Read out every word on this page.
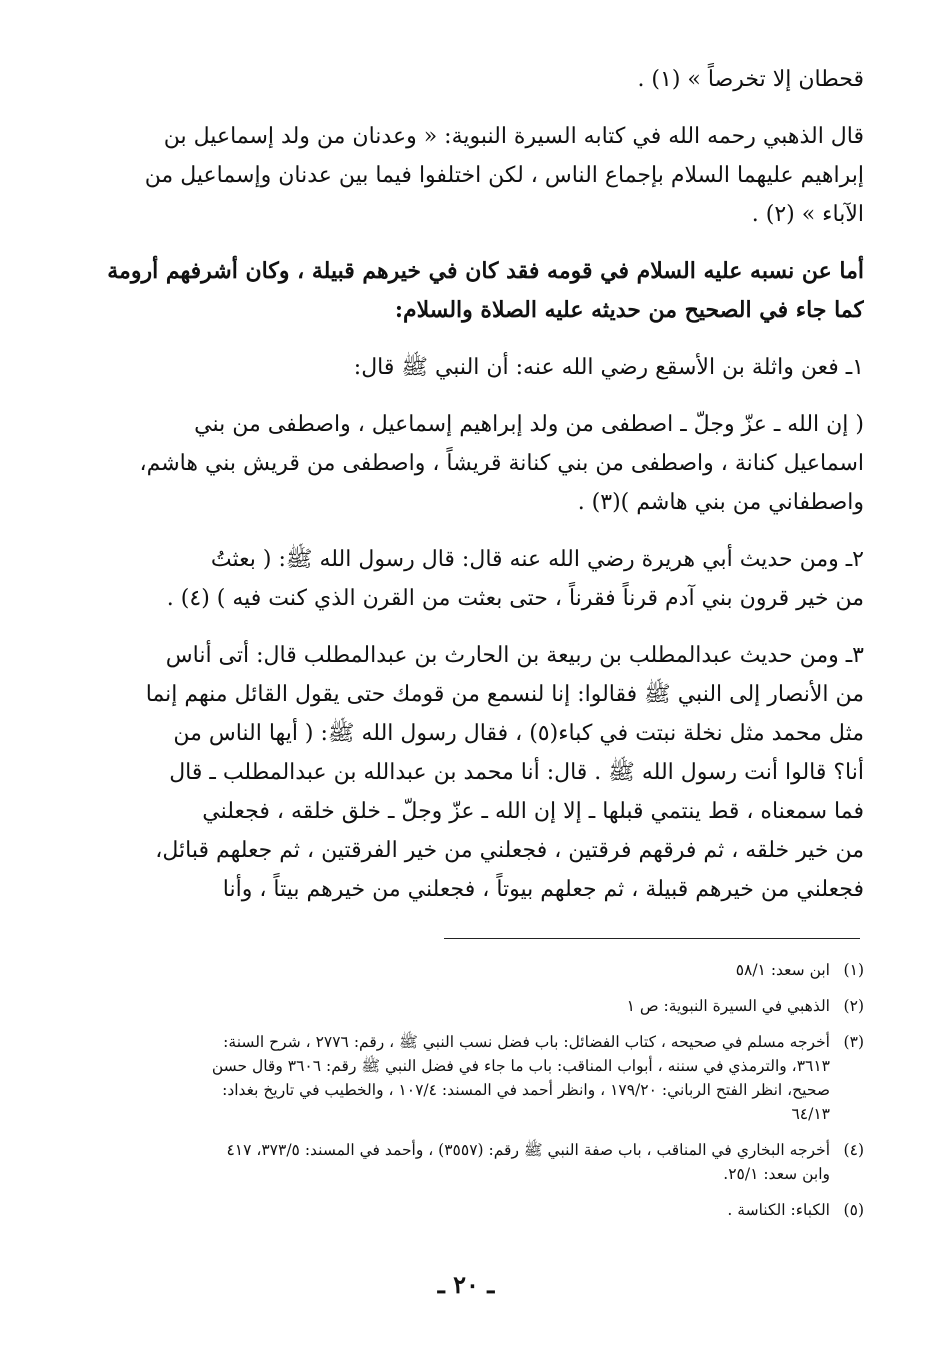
قحطان إلا تخرصاً » (١) .

قال الذهبي رحمه الله في كتابه السيرة النبوية: « وعدنان من ولد إسماعيل بن
إبراهيم عليهما السلام بإجماع الناس ، لكن اختلفوا فيما بين عدنان وإسماعيل من
الآباء » (٢) .

أما عن نسبه عليه السلام في قومه فقد كان في خيرهم قبيلة ، وكان أشرفهم أرومة
كما جاء في الصحيح من حديثه عليه الصلاة والسلام:

١ـ فعن واثلة بن الأسقع رضي الله عنه: أن النبي ﷺ قال:

( إن الله ـ عزّ وجلّ ـ اصطفى من ولد إبراهيم إسماعيل ، واصطفى من بني
اسماعيل كنانة ، واصطفى من بني كنانة قريشاً ، واصطفى من قريش بني هاشم،
واصطفاني من بني هاشم )(٣) .

٢ـ ومن حديث أبي هريرة رضي الله عنه قال: قال رسول الله ﷺ: ( بعثتُ
من خير قرون بني آدم قرناً فقرناً ، حتى بعثت من القرن الذي كنت فيه ) (٤) .

٣ـ ومن حديث عبدالمطلب بن ربيعة بن الحارث بن عبدالمطلب قال: أتى أناس
من الأنصار إلى النبي ﷺ فقالوا: إنا لنسمع من قومك حتى يقول القائل منهم إنما
مثل محمد مثل نخلة نبتت في كباء(٥) ، فقال رسول الله ﷺ: ( أيها الناس من
أنا؟ قالوا أنت رسول الله ﷺ . قال: أنا محمد بن عبدالله بن عبدالمطلب ـ قال
فما سمعناه ، قط ينتمي قبلها ـ إلا إن الله ـ عزّ وجلّ ـ خلق خلقه ، فجعلني
من خير خلقه ، ثم فرقهم فرقتين ، فجعلني من خير الفرقتين ، ثم جعلهم قبائل،
فجعلني من خيرهم قبيلة ، ثم جعلهم بيوتاً ، فجعلني من خيرهم بيتاً ، وأنا

(١)
ابن سعد: ٥٨/١
(٢)
الذهبي في السيرة النبوية: ص ١
(٣)
أخرجه مسلم في صحيحه ، كتاب الفضائل: باب فضل نسب النبي ﷺ ، رقم: ٢٧٧٦ ، شرح السنة:
٣٦١٣، والترمذي في سننه ، أبواب المناقب: باب ما جاء في فضل النبي ﷺ رقم: ٣٦٠٦ وقال حسن
صحيح، انظر الفتح الرباني: ١٧٩/٢٠ ، وانظر أحمد في المسند: ١٠٧/٤ ، والخطيب في تاريخ بغداد:
٦٤/١٣
(٤)
أخرجه البخاري في المناقب ، باب صفة النبي ﷺ رقم: (٣٥٥٧) ، وأحمد في المسند: ٣٧٣/٥، ٤١٧
وابن سعد: ٢٥/١.
(٥)
الكباء: الكناسة .
ـ ٢٠ ـ
